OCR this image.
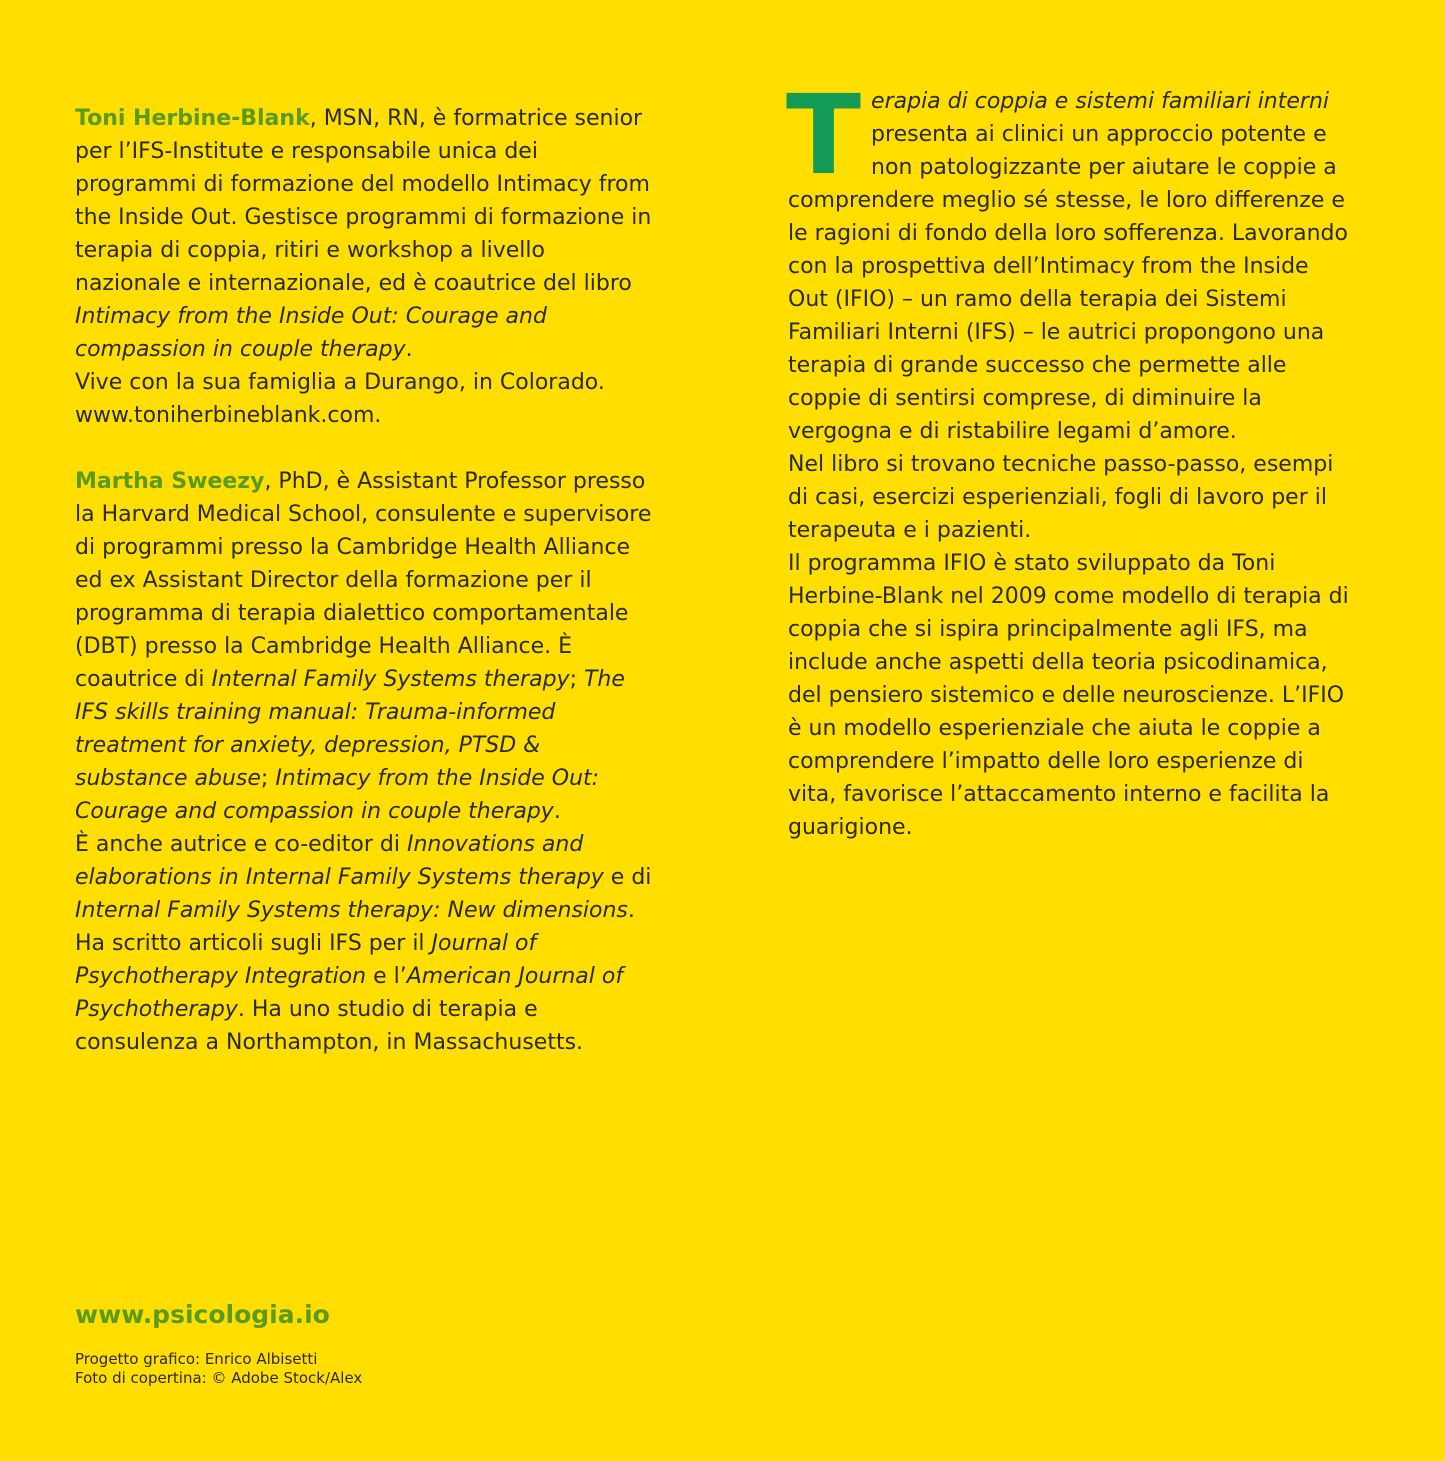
Toni Herbine-Blank, MSN, RN, è formatrice senior per l’IFS-Institute e responsabile unica dei programmi di formazione del modello Intimacy from the Inside Out. Gestisce programmi di formazione in terapia di coppia, ritiri e workshop a livello nazionale e internazionale, ed è coautrice del libro Intimacy from the Inside Out: Courage and compassion in couple therapy.
Vive con la sua famiglia a Durango, in Colorado.
www.toniherbineblank.com.

Martha Sweezy, PhD, è Assistant Professor presso la Harvard Medical School, consulente e supervisore di programmi presso la Cambridge Health Alliance ed ex Assistant Director della formazione per il programma di terapia dialettico comportamentale (DBT) presso la Cambridge Health Alliance. È coautrice di Internal Family Systems therapy; The IFS skills training manual: Trauma-informed treatment for anxiety, depression, PTSD & substance abuse; Intimacy from the Inside Out: Courage and compassion in couple therapy.
È anche autrice e co-editor di Innovations and elaborations in Internal Family Systems therapy e di Internal Family Systems therapy: New dimensions. Ha scritto articoli sugli IFS per il Journal of Psychotherapy Integration e l’American Journal of Psychotherapy. Ha uno studio di terapia e consulenza a Northampton, in Massachusetts.

Terapia di coppia e sistemi familiari interni presenta ai clinici un approccio potente e non patologizzante per aiutare le coppie a comprendere meglio sé stesse, le loro differenze e le ragioni di fondo della loro sofferenza. Lavorando con la prospettiva dell’Intimacy from the Inside Out (IFIO) – un ramo della terapia dei Sistemi Familiari Interni (IFS) – le autrici propongono una terapia di grande successo che permette alle coppie di sentirsi comprese, di diminuire la vergogna e di ristabilire legami d’amore.
Nel libro si trovano tecniche passo-passo, esempi di casi, esercizi esperienziali, fogli di lavoro per il terapeuta e i pazienti.
Il programma IFIO è stato sviluppato da Toni Herbine-Blank nel 2009 come modello di terapia di coppia che si ispira principalmente agli IFS, ma include anche aspetti della teoria psicodinamica, del pensiero sistemico e delle neuroscienze. L’IFIO è un modello esperienziale che aiuta le coppie a comprendere l’impatto delle loro esperienze di vita, favorisce l’attaccamento interno e facilita la guarigione.

www.psicologia.io
Progetto grafico: Enrico Albisetti
Foto di copertina: © Adobe Stock/Alex
